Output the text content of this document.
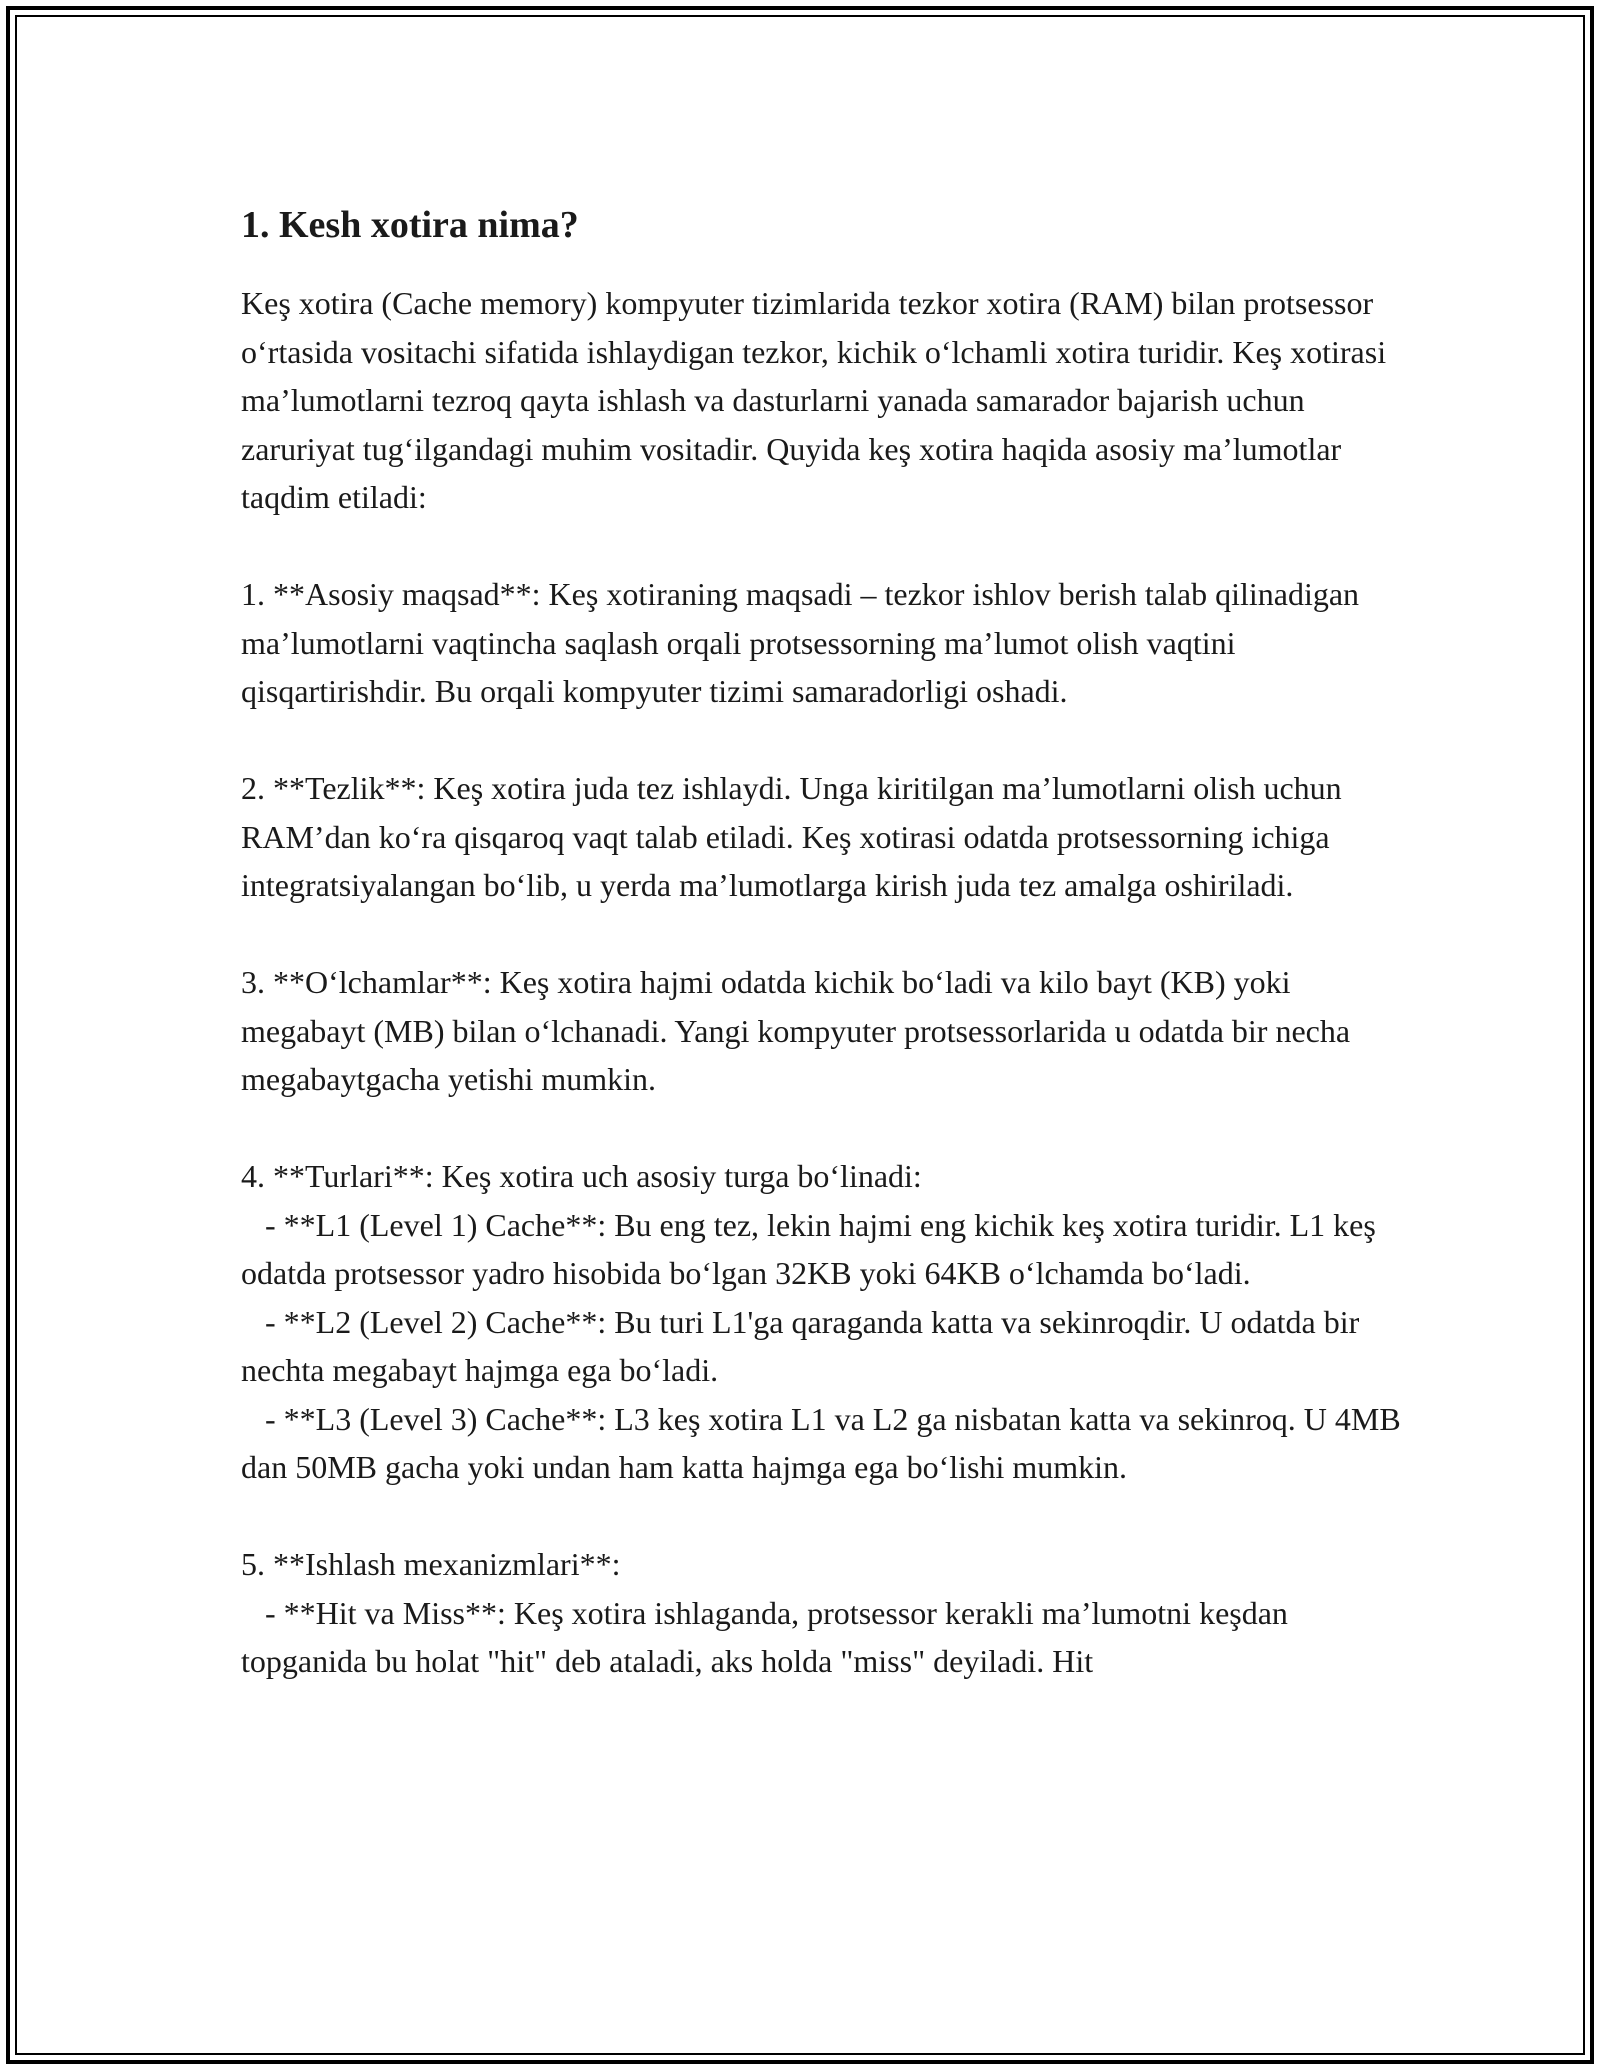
1. Kesh xotira nima?
Keş xotira (Cache memory) kompyuter tizimlarida tezkor xotira (RAM) bilan protsessor o‘rtasida vositachi sifatida ishlaydigan tezkor, kichik o‘lchamli xotira turidir. Keş xotirasi ma’lumotlarni tezroq qayta ishlash va dasturlarni yanada samarador bajarish uchun zaruriyat tug‘ilgandagi muhim vositadir. Quyida keş xotira haqida asosiy ma’lumotlar taqdim etiladi:
1. **Asosiy maqsad**: Keş xotiraning maqsadi – tezkor ishlov berish talab qilinadigan ma’lumotlarni vaqtincha saqlash orqali protsessorning ma’lumot olish vaqtini qisqartirishdir. Bu orqali kompyuter tizimi samaradorligi oshadi.
2. **Tezlik**: Keş xotira juda tez ishlaydi. Unga kiritilgan ma’lumotlarni olish uchun RAM’dan ko‘ra qisqaroq vaqt talab etiladi. Keş xotirasi odatda protsessorning ichiga integratsiyalangan bo‘lib, u yerda ma’lumotlarga kirish juda tez amalga oshiriladi.
3. **O‘lchamlar**: Keş xotira hajmi odatda kichik bo‘ladi va kilo bayt (KB) yoki megabayt (MB) bilan o‘lchanadi. Yangi kompyuter protsessorlarida u odatda bir necha megabaytgacha yetishi mumkin.
4. **Turlari**: Keş xotira uch asosiy turga bo‘linadi:
- **L1 (Level 1) Cache**: Bu eng tez, lekin hajmi eng kichik keş xotira turidir. L1 keş odatda protsessor yadro hisobida bo‘lgan 32KB yoki 64KB o‘lchamda bo‘ladi.
- **L2 (Level 2) Cache**: Bu turi L1'ga qaraganda katta va sekinroqdir. U odatda bir nechta megabayt hajmga ega bo‘ladi.
- **L3 (Level 3) Cache**: L3 keş xotira L1 va L2 ga nisbatan katta va sekinroq. U 4MB dan 50MB gacha yoki undan ham katta hajmga ega bo‘lishi mumkin.
5. **Ishlash mexanizmlari**:
- **Hit va Miss**: Keş xotira ishlaganda, protsessor kerakli ma’lumotni keşdan topganida bu holat "hit" deb ataladi, aks holda "miss" deyiladi. Hit
